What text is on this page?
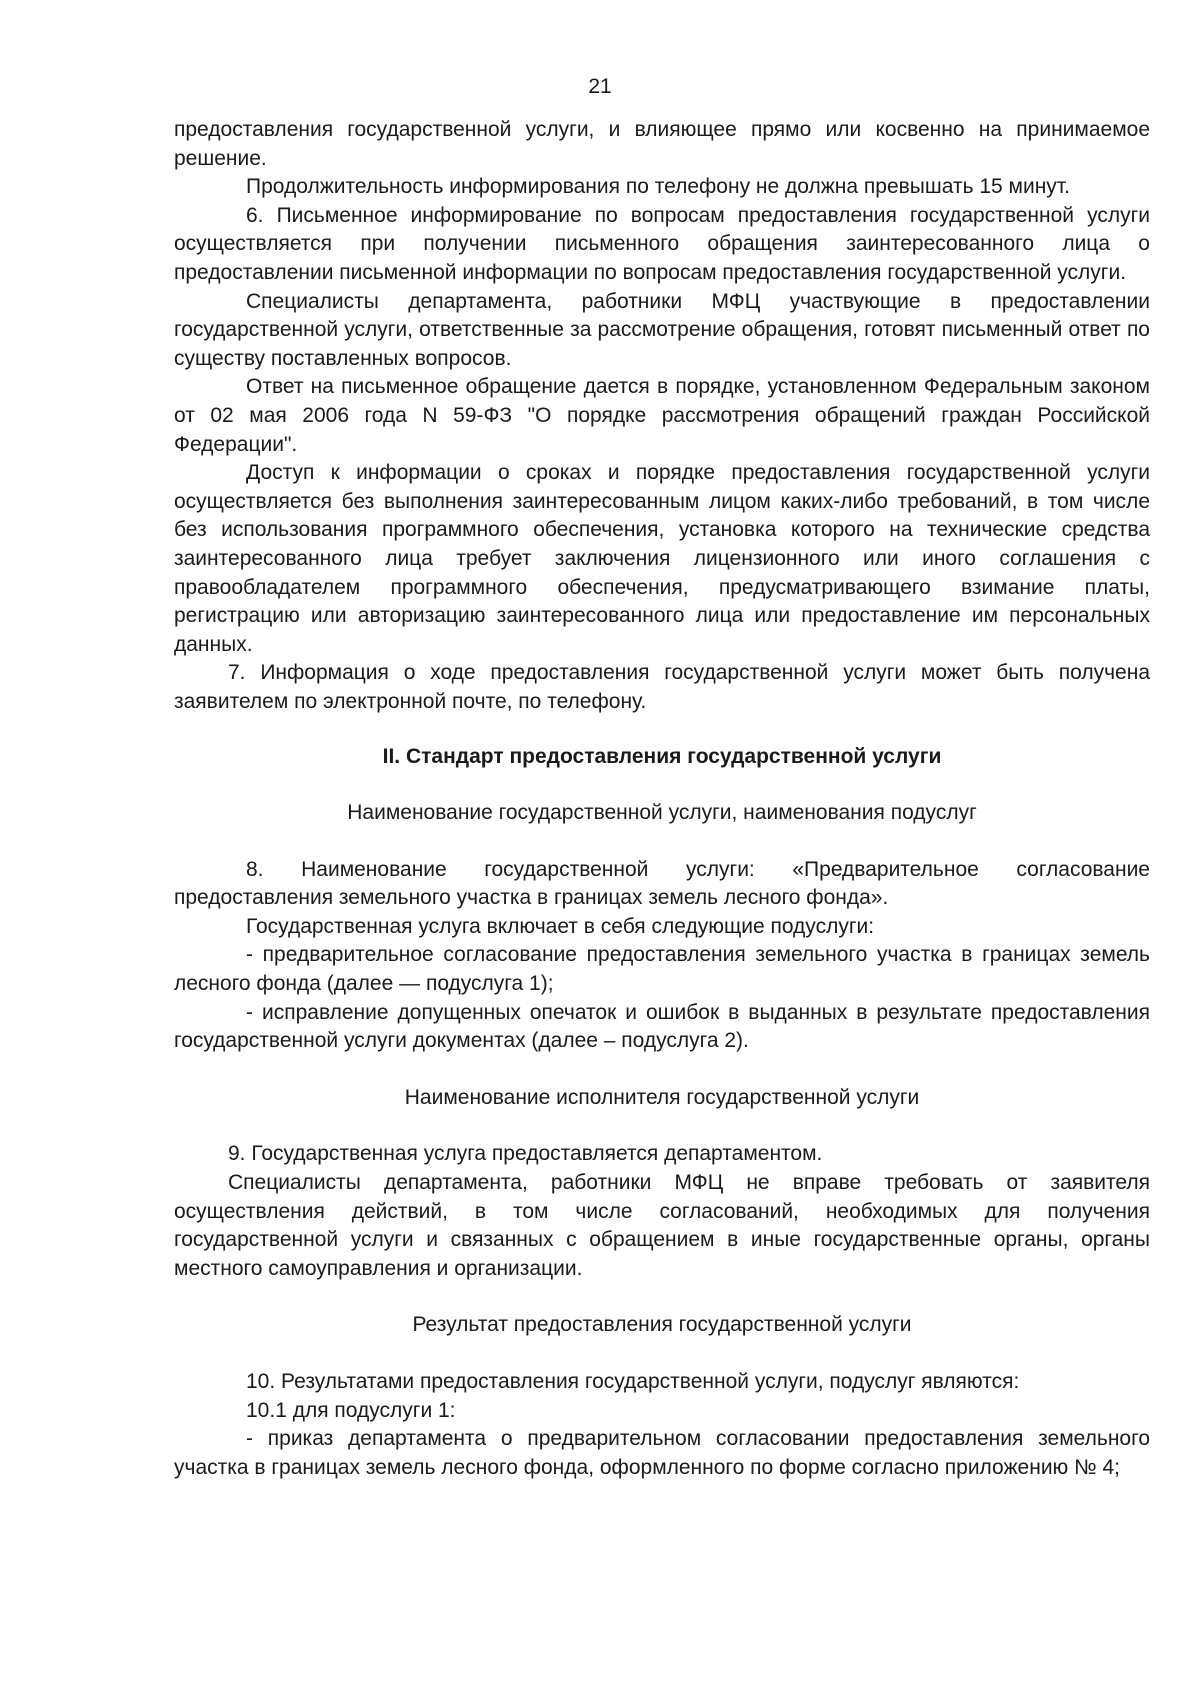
21

предоставления государственной услуги, и влияющее прямо или косвенно на принимаемое решение.

Продолжительность информирования по телефону не должна превышать 15 минут.

6. Письменное информирование по вопросам предоставления государственной услуги осуществляется при получении письменного обращения заинтересованного лица о предоставлении письменной информации по вопросам предоставления государственной услуги.

Специалисты департамента, работники МФЦ участвующие в предоставлении государственной услуги, ответственные за рассмотрение обращения, готовят письменный ответ по существу поставленных вопросов.

Ответ на письменное обращение дается в порядке, установленном Федеральным законом от 02 мая 2006 года N 59-ФЗ "О порядке рассмотрения обращений граждан Российской Федерации".

Доступ к информации о сроках и порядке предоставления государственной услуги осуществляется без выполнения заинтересованным лицом каких-либо требований, в том числе без использования программного обеспечения, установка которого на технические средства заинтересованного лица требует заключения лицензионного или иного соглашения с правообладателем программного обеспечения, предусматривающего взимание платы, регистрацию или авторизацию заинтересованного лица или предоставление им персональных данных.

7. Информация о ходе предоставления государственной услуги может быть получена заявителем по электронной почте, по телефону.

II. Стандарт предоставления государственной услуги

Наименование государственной услуги, наименования подуслуг

8. Наименование государственной услуги: «Предварительное согласование предоставления земельного участка в границах земель лесного фонда».

Государственная услуга включает в себя следующие подуслуги:

- предварительное согласование предоставления земельного участка в границах земель лесного фонда (далее — подуслуга 1);

- исправление допущенных опечаток и ошибок в выданных в результате предоставления государственной услуги документах (далее – подуслуга 2).

Наименование исполнителя государственной услуги

9. Государственная услуга предоставляется департаментом.

Специалисты департамента, работники МФЦ не вправе требовать от заявителя осуществления действий, в том числе согласований, необходимых для получения государственной услуги и связанных с обращением в иные государственные органы, органы местного самоуправления и организации.

Результат предоставления государственной услуги

10. Результатами предоставления государственной услуги, подуслуг являются:

10.1 для подуслуги 1:

- приказ департамента о предварительном согласовании предоставления земельного участка в границах земель лесного фонда, оформленного по форме согласно приложению № 4;
